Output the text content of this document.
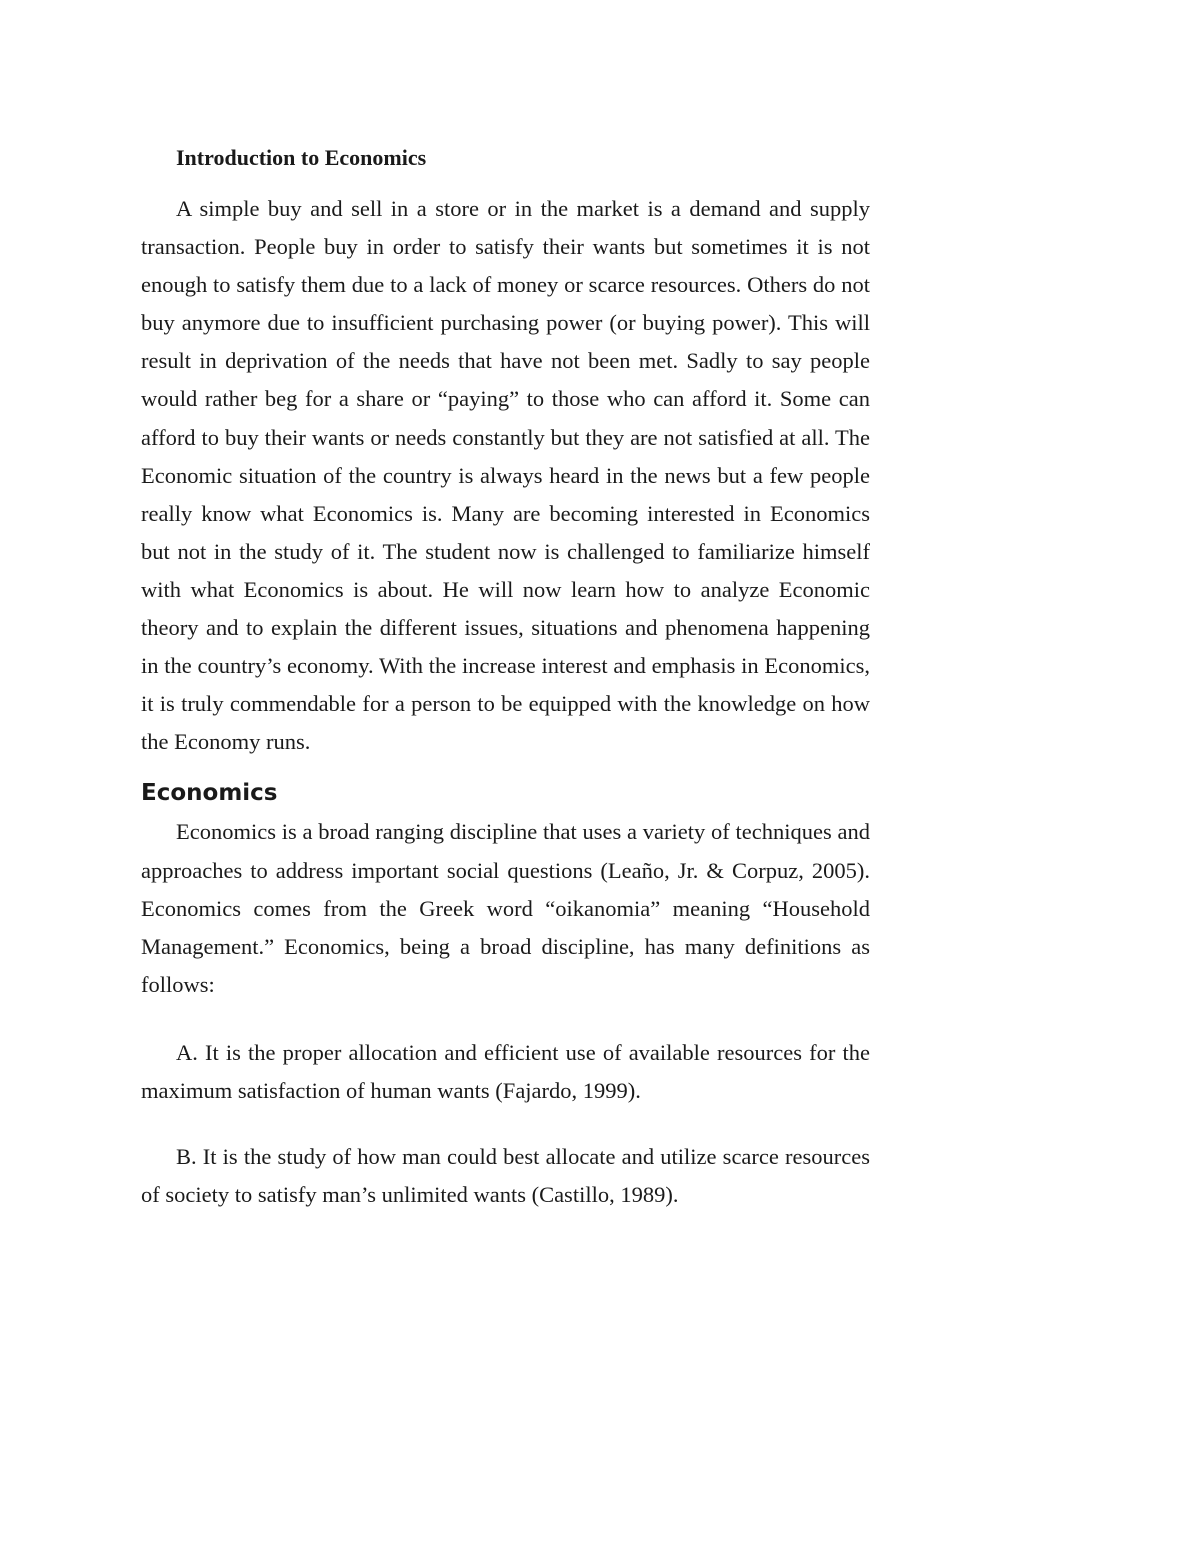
Introduction to Economics

A simple buy and sell in a store or in the market is a demand and supply transaction. People buy in order to satisfy their wants but sometimes it is not enough to satisfy them due to a lack of money or scarce resources. Others do not buy anymore due to insufficient purchasing power (or buying power). This will result in deprivation of the needs that have not been met. Sadly to say people would rather beg for a share or “paying” to those who can afford it. Some can afford to buy their wants or needs constantly but they are not satisfied at all. The Economic situation of the country is always heard in the news but a few people really know what Economics is. Many are becoming interested in Economics but not in the study of it. The student now is challenged to familiarize himself with what Economics is about. He will now learn how to analyze Economic theory and to explain the different issues, situations and phenomena happening in the country’s economy. With the increase interest and emphasis in Economics, it is truly commendable for a person to be equipped with the knowledge on how the Economy runs.

Economics

Economics is a broad ranging discipline that uses a variety of techniques and approaches to address important social questions (Leaño, Jr. & Corpuz, 2005). Economics comes from the Greek word “oikanomia” meaning “Household Management.” Economics, being a broad discipline, has many definitions as follows:

A. It is the proper allocation and efficient use of available resources for the maximum satisfaction of human wants (Fajardo, 1999).

B. It is the study of how man could best allocate and utilize scarce resources of society to satisfy man’s unlimited wants (Castillo, 1989).
